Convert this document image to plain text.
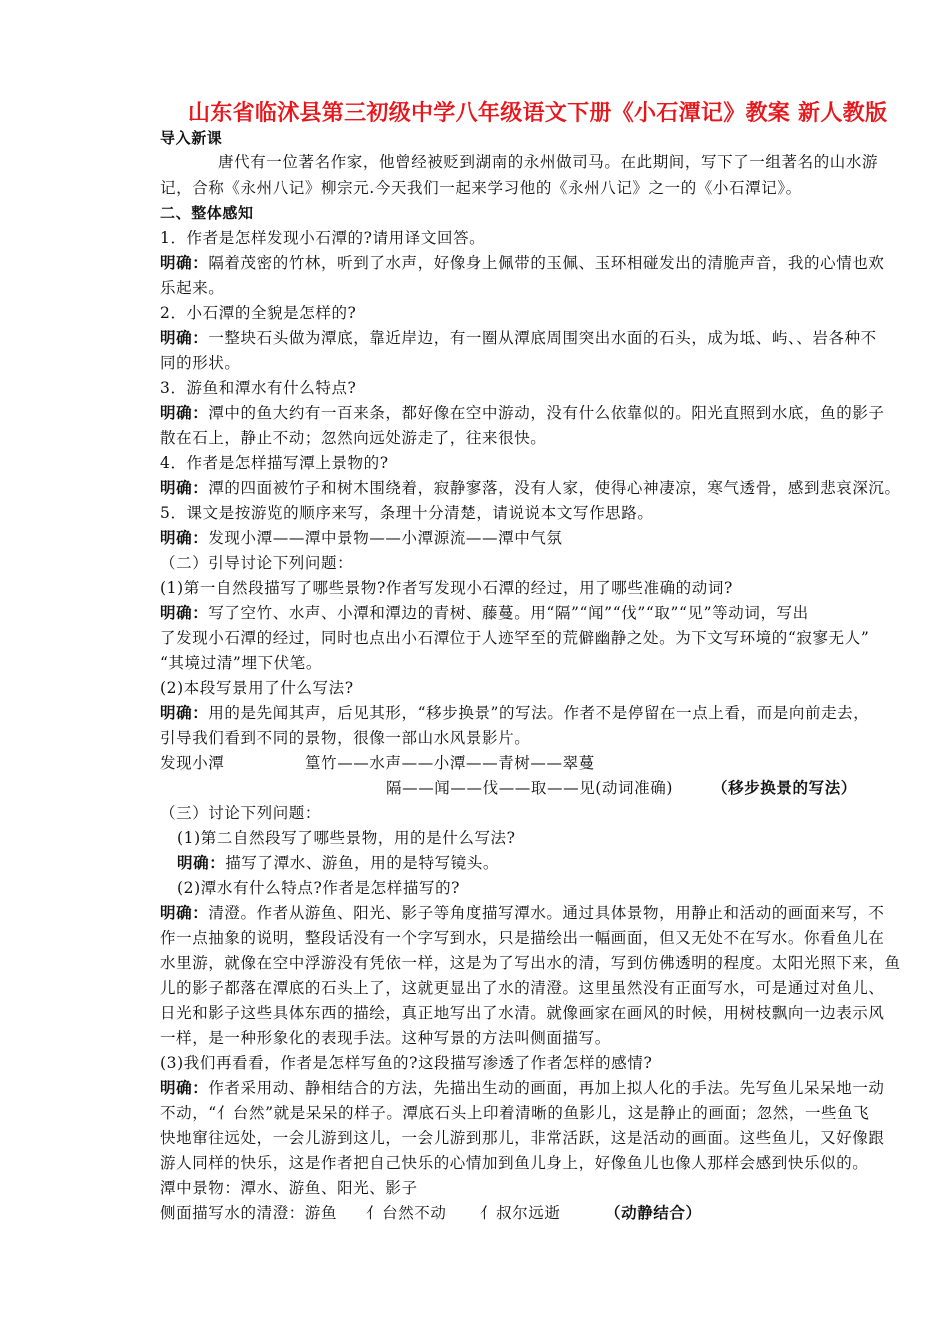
山东省临沭县第三初级中学八年级语文下册《小石潭记》教案 新人教版
导入新课
唐代有一位著名作家，他曾经被贬到湖南的永州做司马。在此期间，写下了一组著名的山水游
记，合称《永州八记》柳宗元.今天我们一起来学习他的《永州八记》之一的《小石潭记》。
二、整体感知
1．作者是怎样发现小石潭的?请用译文回答。
明确：隔着茂密的竹林，听到了水声，好像身上佩带的玉佩、玉环相碰发出的清脆声音，我的心情也欢
乐起来。
2．小石潭的全貌是怎样的?
明确：一整块石头做为潭底，靠近岸边，有一圈从潭底周围突出水面的石头，成为坻、屿、、岩各种不
同的形状。
3．游鱼和潭水有什么特点?
明确：潭中的鱼大约有一百来条，都好像在空中游动，没有什么依靠似的。阳光直照到水底，鱼的影子
散在石上，静止不动；忽然向远处游走了，往来很快。
4．作者是怎样描写潭上景物的?
明确：潭的四面被竹子和树木围绕着，寂静寥落，没有人家，使得心神凄凉，寒气透骨，感到悲哀深沉。
5．课文是按游览的顺序来写，条理十分清楚，请说说本文写作思路。
明确：发现小潭——潭中景物——小潭源流——潭中气氛
（二）引导讨论下列问题：
(1)第一自然段描写了哪些景物?作者写发现小石潭的经过，用了哪些准确的动词?
明确：写了空竹、水声、小潭和潭边的青树、藤蔓。用“隔”“闻”“伐”“取”“见”等动词，写出
了发现小石潭的经过，同时也点出小石潭位于人迹罕至的荒僻幽静之处。为下文写环境的“寂寥无人”
“其境过清”埋下伏笔。
(2)本段写景用了什么写法?
明确：用的是先闻其声，后见其形，“移步换景”的写法。作者不是停留在一点上看，而是向前走去，
引导我们看到不同的景物，很像一部山水风景影片。
发现小潭	篁竹——水声——小潭——青树——翠蔓
隔——闻——伐——取——见(动词准确)	（移步换景的写法）
（三）讨论下列问题：
(1)第二自然段写了哪些景物，用的是什么写法?
明确：描写了潭水、游鱼，用的是特写镜头。
(2)潭水有什么特点?作者是怎样描写的?
明确：清澄。作者从游鱼、阳光、影子等角度描写潭水。通过具体景物，用静止和活动的画面来写，不
作一点抽象的说明，整段话没有一个字写到水，只是描绘出一幅画面，但又无处不在写水。你看鱼儿在
水里游，就像在空中浮游没有凭依一样，这是为了写出水的清，写到仿佛透明的程度。太阳光照下来，鱼
儿的影子都落在潭底的石头上了，这就更显出了水的清澄。这里虽然没有正面写水，可是通过对鱼儿、
日光和影子这些具体东西的描绘，真正地写出了水清。就像画家在画风的时候，用树枝飘向一边表示风
一样，是一种形象化的表现手法。这种写景的方法叫侧面描写。
(3)我们再看看，作者是怎样写鱼的?这段描写渗透了作者怎样的感情?
明确：作者采用动、静相结合的方法，先描出生动的画面，再加上拟人化的手法。先写鱼儿呆呆地一动
不动，“亻台然”就是呆呆的样子。潭底石头上印着清晰的鱼影儿，这是静止的画面；忽然，一些鱼飞
快地窜往远处，一会儿游到这儿，一会儿游到那儿，非常活跃，这是活动的画面。这些鱼儿，又好像跟
游人同样的快乐，这是作者把自己快乐的心情加到鱼儿身上，好像鱼儿也像人那样会感到快乐似的。
潭中景物：潭水、游鱼、阳光、影子
侧面描写水的清澄：游鱼	亻台然不动	亻叔尔远逝	（动静结合）
